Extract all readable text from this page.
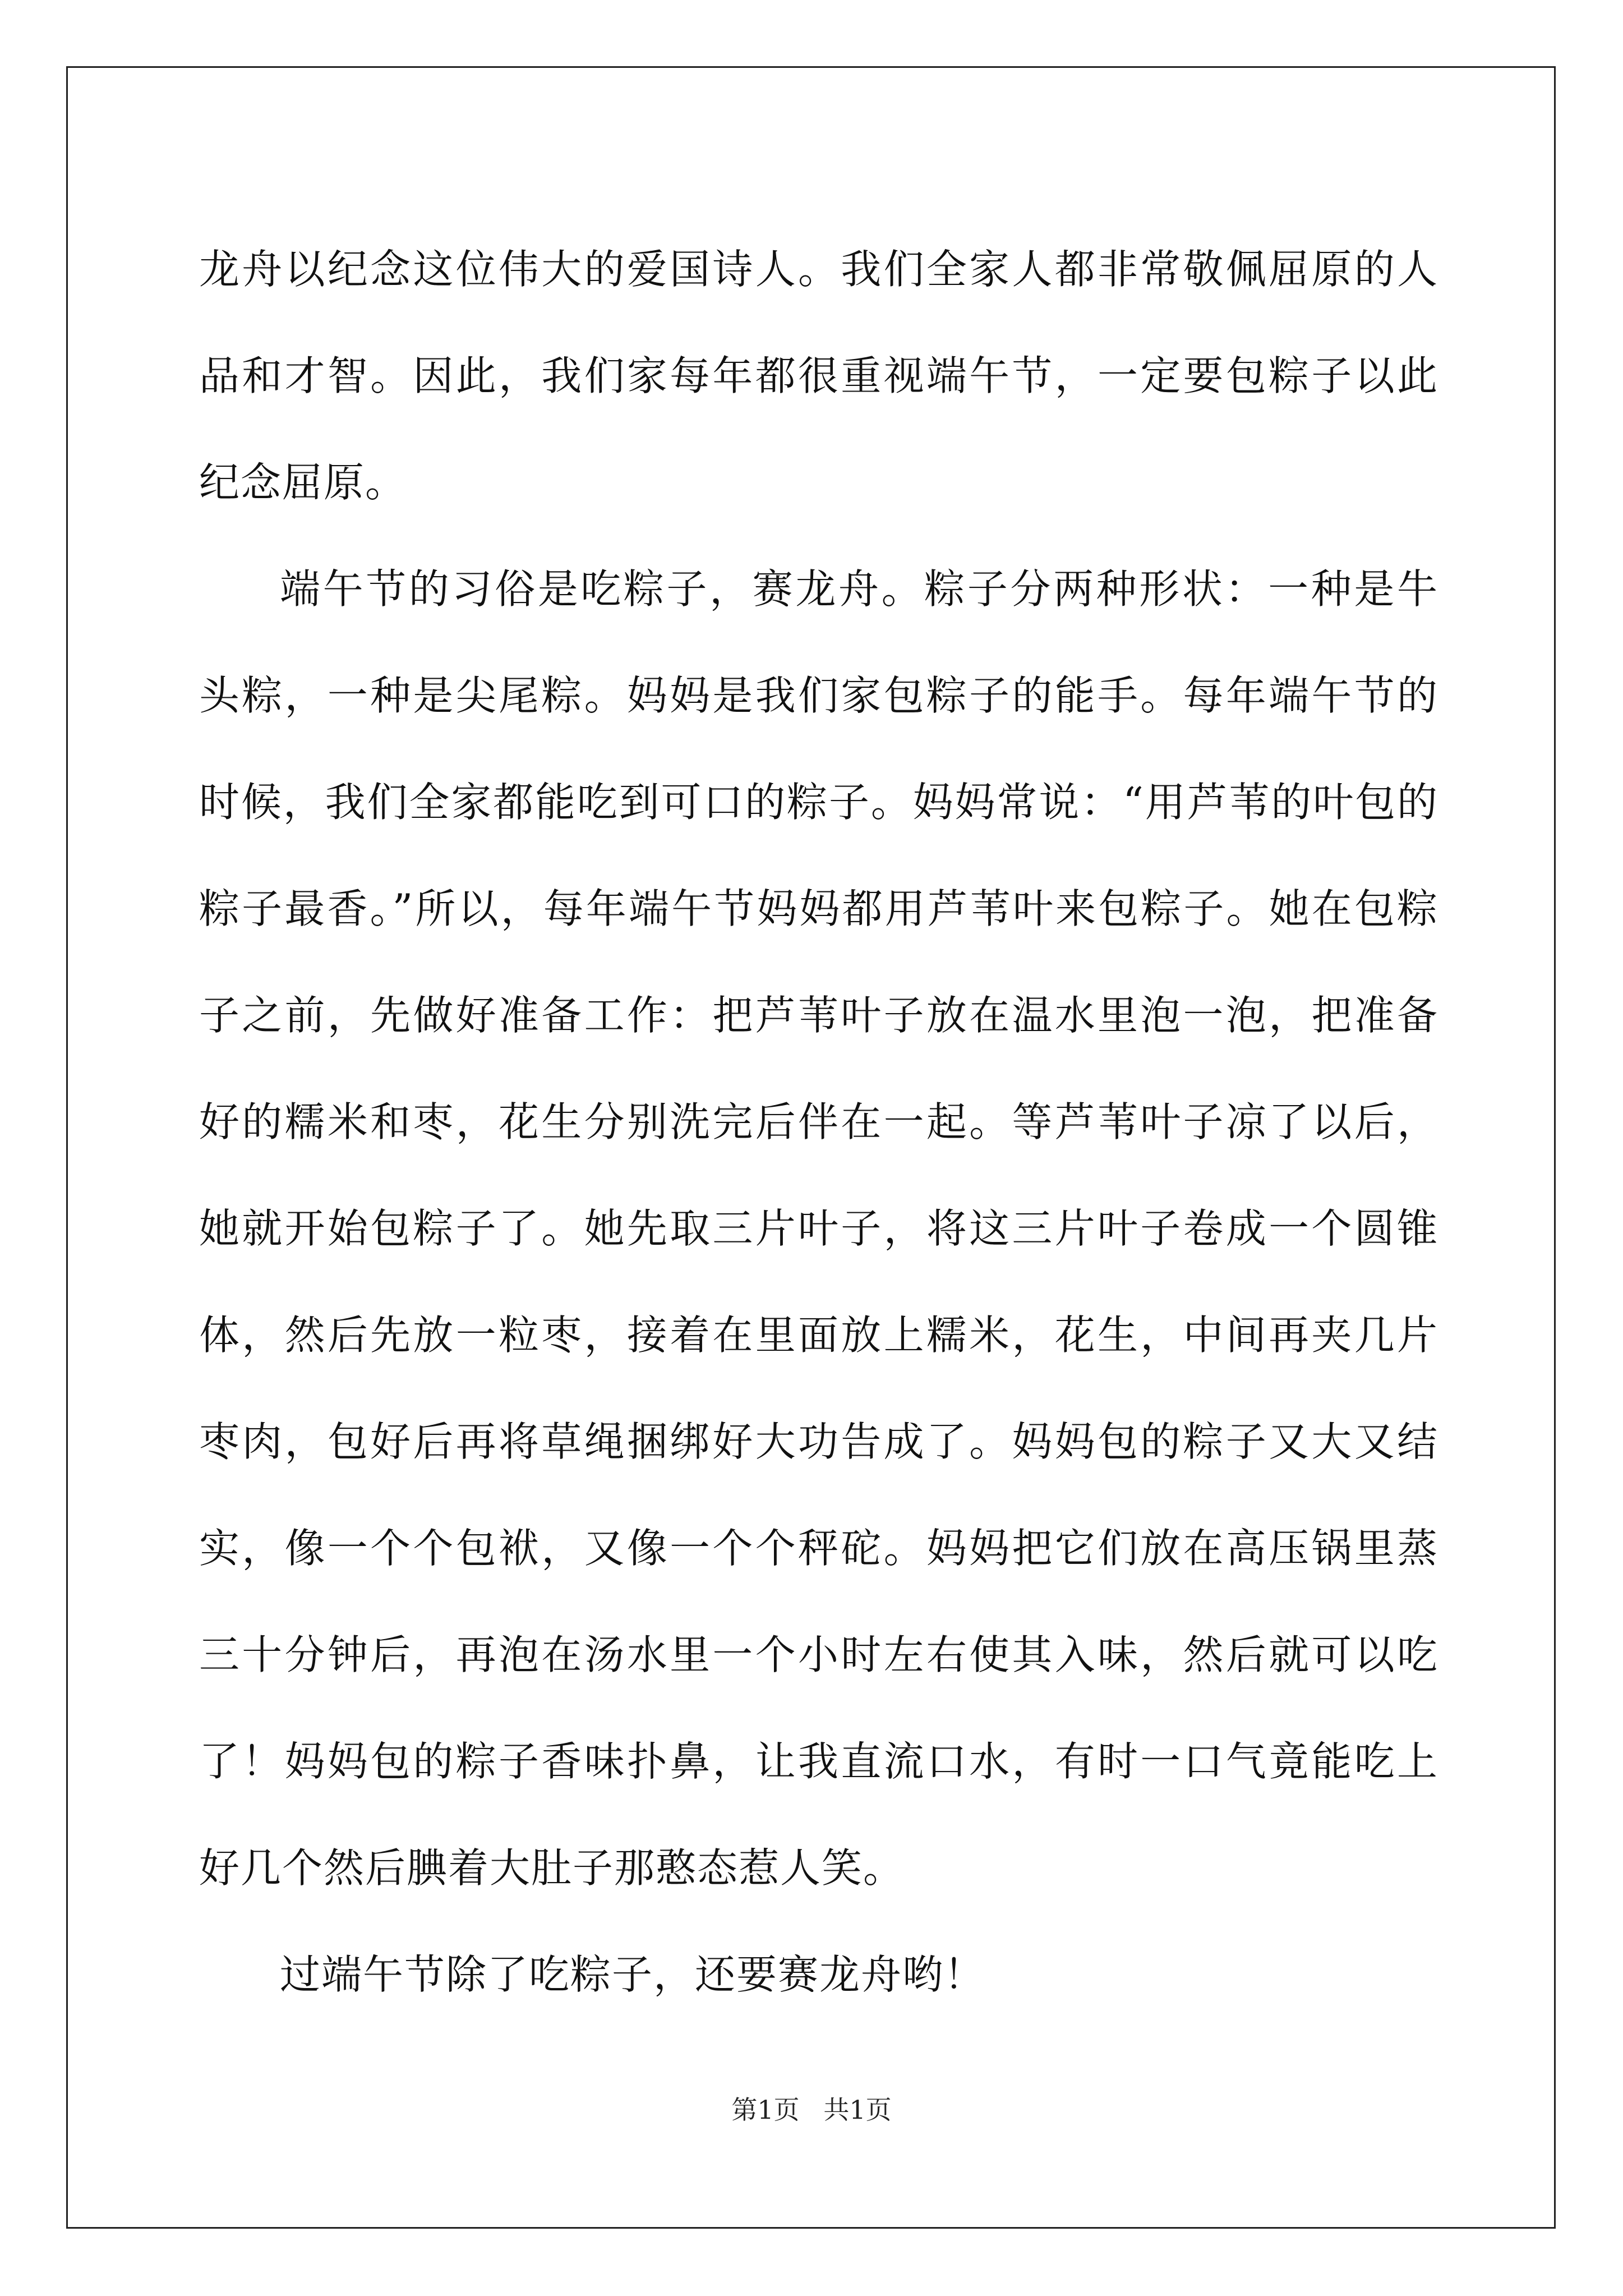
龙舟以纪念这位伟大的爱国诗人。我们全家人都非常敬佩屈原的人品和才智。因此，我们家每年都很重视端午节，一定要包粽子以此纪念屈原。

端午节的习俗是吃粽子，赛龙舟。粽子分两种形状：一种是牛头粽，一种是尖尾粽。妈妈是我们家包粽子的能手。每年端午节的时候，我们全家都能吃到可口的粽子。妈妈常说：“用芦苇的叶包的粽子最香。”所以，每年端午节妈妈都用芦苇叶来包粽子。她在包粽子之前，先做好准备工作：把芦苇叶子放在温水里泡一泡，把准备好的糯米和枣，花生分别洗完后伴在一起。等芦苇叶子凉了以后，她就开始包粽子了。她先取三片叶子，将这三片叶子卷成一个圆锥体，然后先放一粒枣，接着在里面放上糯米，花生，中间再夹几片枣肉，包好后再将草绳捆绑好大功告成了。妈妈包的粽子又大又结实，像一个个包袱，又像一个个秤砣。妈妈把它们放在高压锅里蒸三十分钟后，再泡在汤水里一个小时左右使其入味，然后就可以吃了！妈妈包的粽子香味扑鼻，让我直流口水，有时一口气竟能吃上好几个然后腆着大肚子那憨态惹人笑。

过端午节除了吃粽子，还要赛龙舟哟！

第1页 共1页
